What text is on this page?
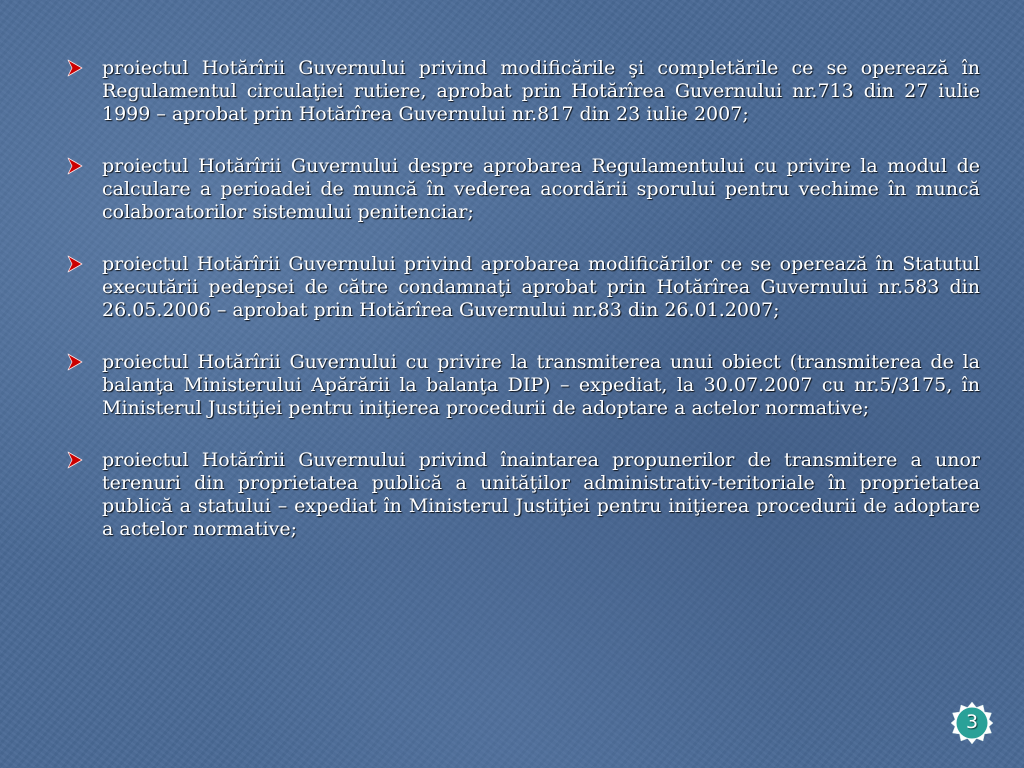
proiectul Hotărîrii Guvernului privind modificările şi completările ce se operează în Regulamentul circulaţiei rutiere, aprobat prin Hotărîrea Guvernului nr.713 din 27 iulie 1999 – aprobat prin Hotărîrea Guvernului nr.817 din 23 iulie 2007;
proiectul Hotărîrii Guvernului despre aprobarea Regulamentului cu privire la modul de calculare a perioadei de muncă în vederea acordării sporului pentru vechime în muncă colaboratorilor sistemului penitenciar;
proiectul Hotărîrii Guvernului privind aprobarea modificărilor ce se operează în Statutul executării pedepsei de către condamnaţi aprobat prin Hotărîrea Guvernului nr.583 din 26.05.2006 – aprobat prin Hotărîrea Guvernului nr.83 din 26.01.2007;
proiectul Hotărîrii Guvernului cu privire la transmiterea unui obiect (transmiterea de la balanţa Ministerului Apărării la balanţa DIP) – expediat, la 30.07.2007 cu nr.5/3175, în Ministerul Justiţiei pentru iniţierea procedurii de adoptare a actelor normative;
proiectul Hotărîrii Guvernului privind înaintarea propunerilor de transmitere a unor terenuri din proprietatea publică a unităţilor administrativ-teritoriale în proprietatea publică a statului – expediat în Ministerul Justiţiei pentru iniţierea procedurii de adoptare a actelor normative;
3
